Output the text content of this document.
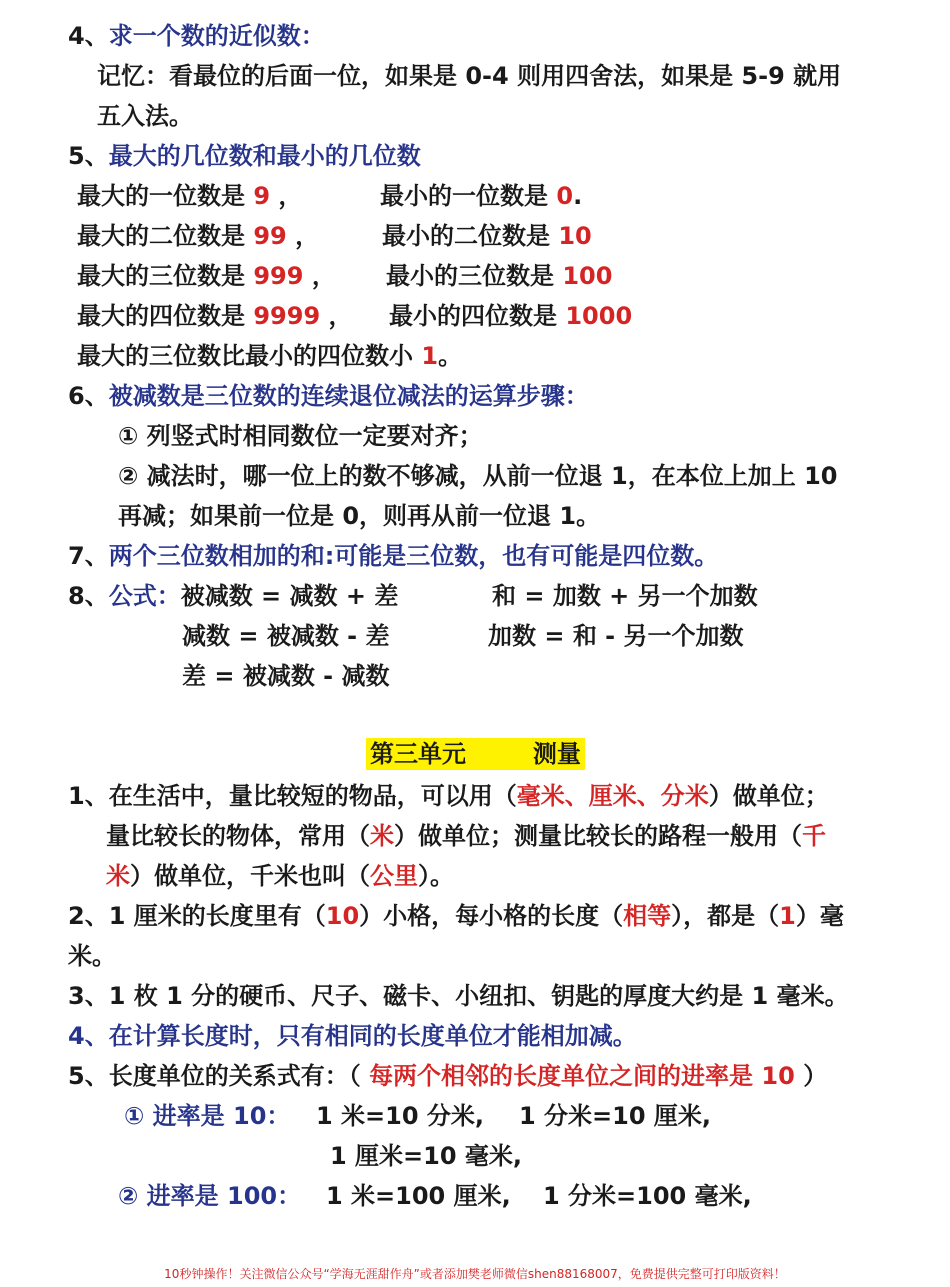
4、求一个数的近似数：
记忆：看最位的后面一位，如果是 0-4 则用四舍法，如果是 5-9 就用
五入法。
5、最大的几位数和最小的几位数
最大的一位数是 9 ，	最小的一位数是 0.
最大的二位数是 99 ，	最小的二位数是 10
最大的三位数是 999 ， 最小的三位数是 100
最大的四位数是 9999 ， 最小的四位数是 1000
最大的三位数比最小的四位数小 1。
6、被减数是三位数的连续退位减法的运算步骤：
① 列竖式时相同数位一定要对齐；
② 减法时，哪一位上的数不够减，从前一位退 1，在本位上加上 10
再减；如果前一位是 0，则再从前一位退 1。
7、两个三位数相加的和:可能是三位数，也有可能是四位数。
8、公式：被减数 = 减数 + 差	和 = 加数 + 另一个加数
减数 = 被减数 - 差	加数 = 和 - 另一个加数
差 = 被减数 - 减数
第三单元        测量
1、在生活中，量比较短的物品，可以用（毫米、厘米、分米）做单位；
量比较长的物体，常用（米）做单位；测量比较长的路程一般用（千
米）做单位，千米也叫（公里）。
2、1 厘米的长度里有（10）小格，每小格的长度（相等），都是（1）毫
米。
3、1 枚 1 分的硬币、尺子、磁卡、小纽扣、钥匙的厚度大约是 1 毫米。
4、在计算长度时，只有相同的长度单位才能相加减。
5、长度单位的关系式有：（ 每两个相邻的长度单位之间的进率是 10 ）
① 进率是 10： 1 米=10 分米, 1 分米=10 厘米,
1 厘米=10 毫米,
② 进率是 100： 1 米=100 厘米, 1 分米=100 毫米,
10秒钟操作！关注微信公众号“学海无涯甜作舟”或者添加樊老师微信shen88168007，免费提供完整可打印版资料！
